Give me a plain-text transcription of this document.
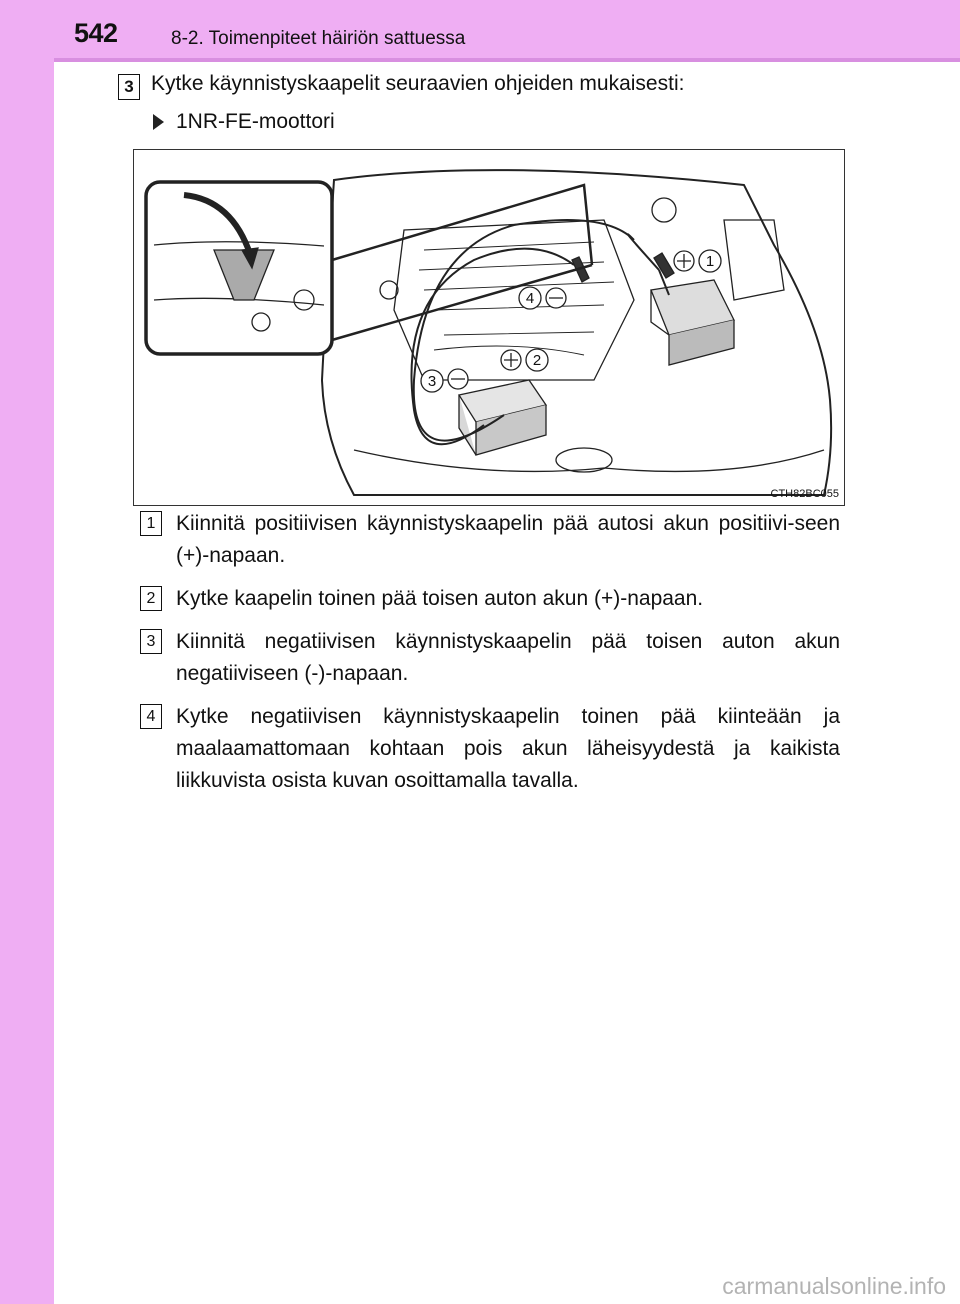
542	8-2. Toimenpiteet häiriön sattuessa
3 Kytke käynnistyskaapelit seuraavien ohjeiden mukaisesti:
1NR-FE-moottori
1
2
3
4
CTH82BC055
1 Kiinnitä positiivisen käynnistyskaapelin pää autosi akun positiivi-seen (+)-napaan.
2 Kytke kaapelin toinen pää toisen auton akun (+)-napaan.
3 Kiinnitä negatiivisen käynnistyskaapelin pää toisen auton akun negatiiviseen (-)-napaan.
4 Kytke negatiivisen käynnistyskaapelin toinen pää kiinteään ja maalaamattomaan kohtaan pois akun läheisyydestä ja kaikista liikkuvista osista kuvan osoittamalla tavalla.
carmanualsonline.info
